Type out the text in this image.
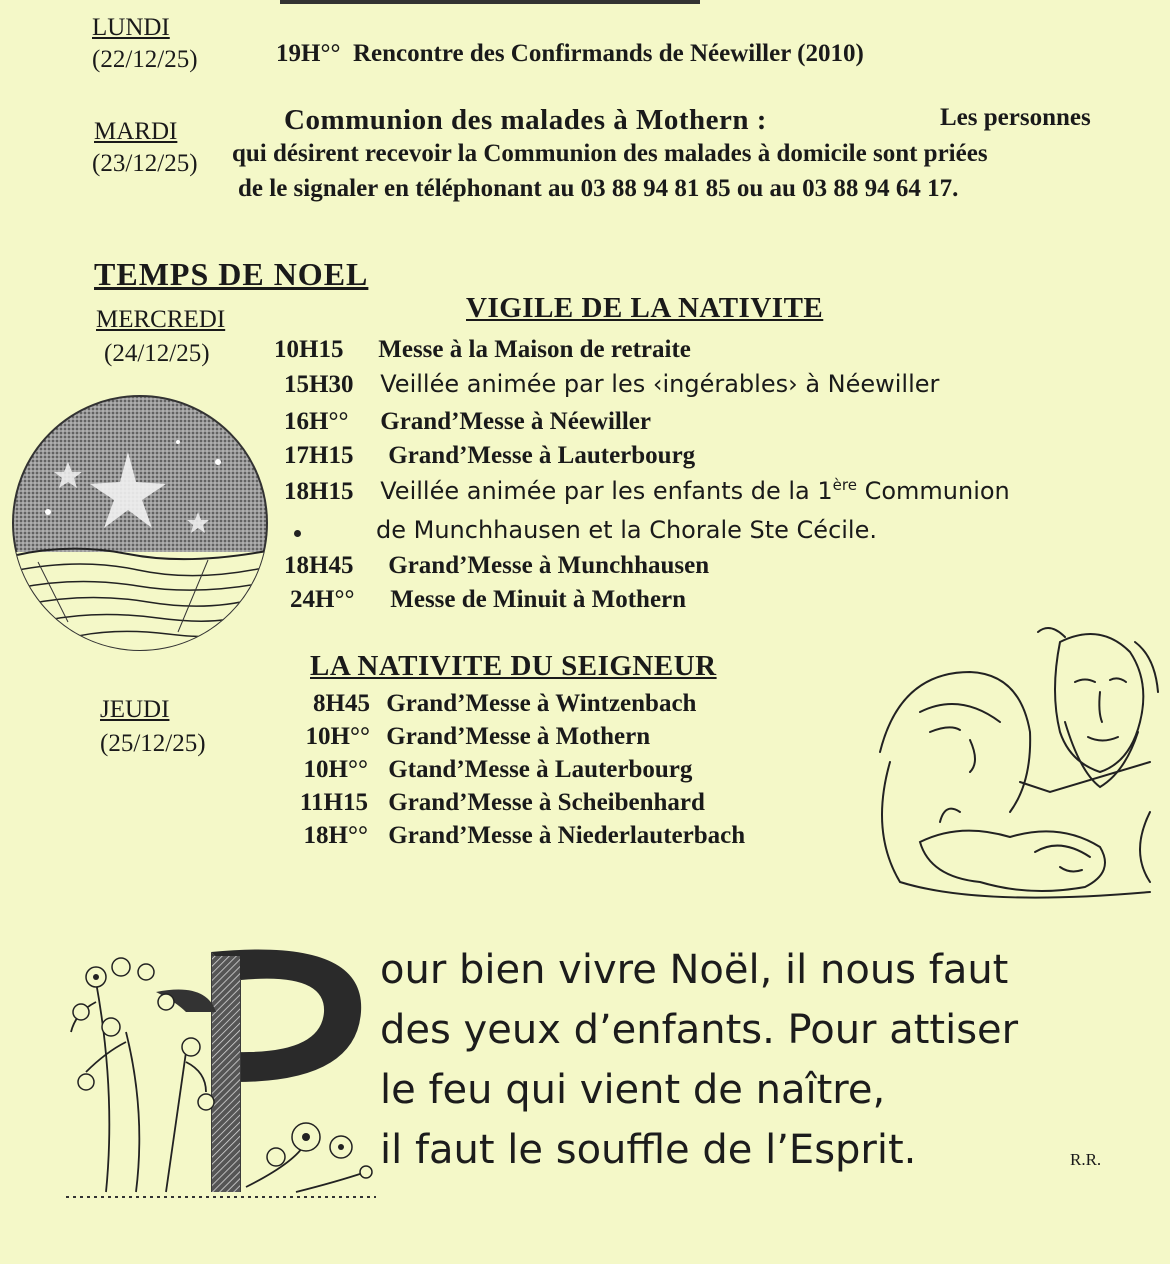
LUNDI
(22/12/25)	19H°° Rencontre des Confirmands de Néewiller (2010)
MARDI
(23/12/25)
Communion des malades à Mothern :	Les personnes
qui désirent recevoir la Communion des malades à domicile sont priées
de le signaler en téléphonant au 03 88 94 81 85 ou au 03 88 94 64 17.
TEMPS DE NOEL
VIGILE DE LA NATIVITE
MERCREDI
(24/12/25)	10H15 Messe à la Maison de retraite
15H30 Veillée animée par les ‹ingérables› à Néewiller
16H°° Grand’Messe à Néewiller
17H15 Grand’Messe à Lauterbourg
18H15 Veillée animée par les enfants de la 1ère Communion
de Munchhausen et la Chorale Ste Cécile.
18H45 Grand’Messe à Munchhausen
24H°° Messe de Minuit à Mothern
LA NATIVITE DU SEIGNEUR
JEUDI
(25/12/25)
8H45 Grand’Messe à Wintzenbach
10H°° Grand’Messe à Mothern
10H°° Gtand’Messe à Lauterbourg
11H15 Grand’Messe à Scheibenhard
18H°° Grand’Messe à Niederlauterbach
our bien vivre Noël, il nous faut
des yeux d’enfants. Pour attiser
le feu qui vient de naître,
il faut le souffle de l’Esprit.	R.R.
